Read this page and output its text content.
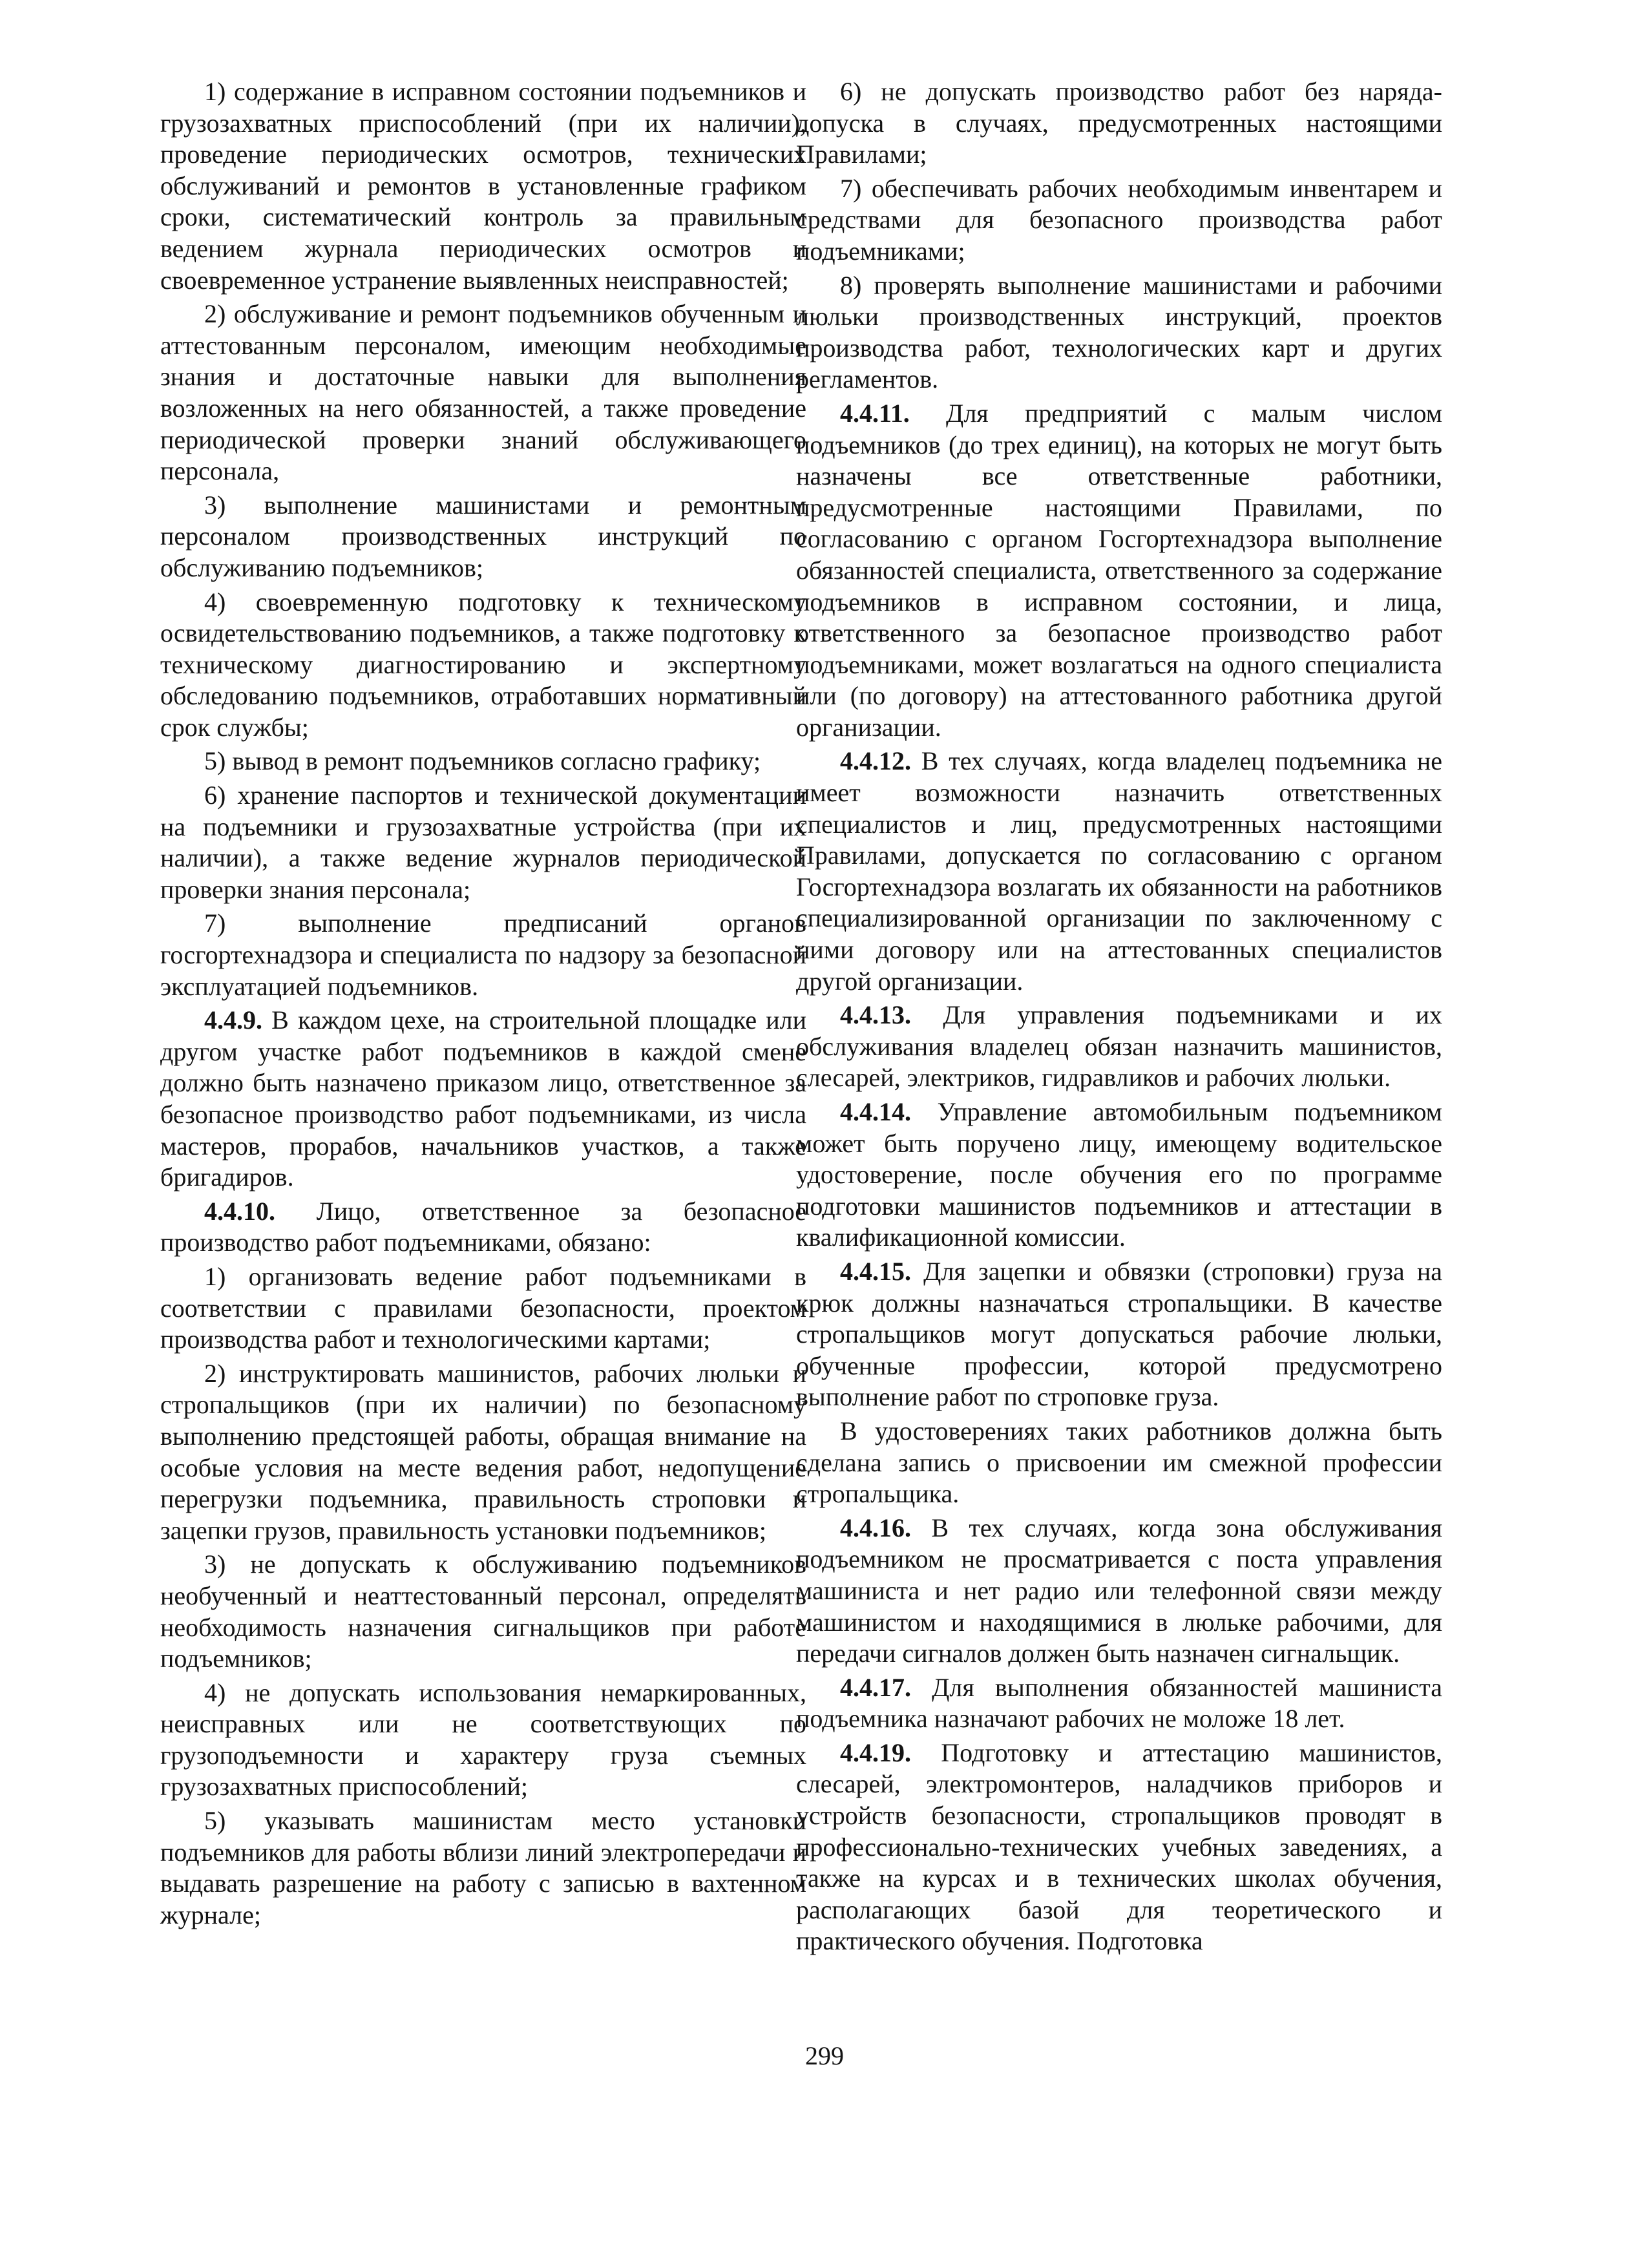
1) содержание в исправном состоянии подъемников и грузозахватных приспособлений (при их наличии), проведение периодических осмотров, технических обслуживаний и ремонтов в установленные графиком сроки, систематический контроль за правильным ведением журнала периодических осмотров и своевременное устранение выявленных неисправностей;

2) обслуживание и ремонт подъемников обученным и аттестованным персоналом, имеющим необходимые знания и достаточные навыки для выполнения возложенных на него обязанностей, а также проведение периодической проверки знаний обслуживающего персонала,

3) выполнение машинистами и ремонтным персоналом производственных инструкций по обслуживанию подъемников;

4) своевременную подготовку к техническому освидетельствованию подъемников, а также подготовку к техническому диагностированию и экспертному обследованию подъемников, отработавших нормативный срок службы;

5) вывод в ремонт подъемников согласно графику;

6) хранение паспортов и технической документации на подъемники и грузозахватные устройства (при их наличии), а также ведение журналов периодической проверки знания персонала;

7) выполнение предписаний органов госгортехнадзора и специалиста по надзору за безопасной эксплуатацией подъемников.

4.4.9. В каждом цехе, на строительной площадке или другом участке работ подъемников в каждой смене должно быть назначено приказом лицо, ответственное за безопасное производство работ подъемниками, из числа мастеров, прорабов, начальников участков, а также бригадиров.

4.4.10. Лицо, ответственное за безопасное производство работ подъемниками, обязано:

1) организовать ведение работ подъемниками в соответствии с правилами безопасности, проектом производства работ и технологическими картами;

2) инструктировать машинистов, рабочих люльки и стропальщиков (при их наличии) по безопасному выполнению предстоящей работы, обращая внимание на особые условия на месте ведения работ, недопущение перегрузки подъемника, правильность строповки и зацепки грузов, правильность установки подъемников;

3) не допускать к обслуживанию подъемников необученный и неаттестованный персонал, определять необходимость назначения сигнальщиков при работе подъемников;

4) не допускать использования немаркированных, неисправных или не соответствующих по грузоподъемности и характеру груза съемных грузозахватных приспособлений;

5) указывать машинистам место установки подъемников для работы вблизи линий электропередачи и выдавать разрешение на работу с записью в вахтенном журнале;

6) не допускать производство работ без наряда-допуска в случаях, предусмотренных настоящими Правилами;

7) обеспечивать рабочих необходимым инвентарем и средствами для безопасного производства работ подъемниками;

8) проверять выполнение машинистами и рабочими люльки производственных инструкций, проектов производства работ, технологических карт и других регламентов.

4.4.11. Для предприятий с малым числом подъемников (до трех единиц), на которых не могут быть назначены все ответственные работники, предусмотренные настоящими Правилами, по согласованию с органом Госгортехнадзора выполнение обязанностей специалиста, ответственного за содержание подъемников в исправном состоянии, и лица, ответственного за безопасное производство работ подъемниками, может возлагаться на одного специалиста или (по договору) на аттестованного работника другой организации.

4.4.12. В тех случаях, когда владелец подъемника не имеет возможности назначить ответственных специалистов и лиц, предусмотренных настоящими Правилами, допускается по согласованию с органом Госгортехнадзора возлагать их обязанности на работников специализированной организации по заключенному с ними договору или на аттестованных специалистов другой организации.

4.4.13. Для управления подъемниками и их обслуживания владелец обязан назначить машинистов, слесарей, электриков, гидравликов и рабочих люльки.

4.4.14. Управление автомобильным подъемником может быть поручено лицу, имеющему водительское удостоверение, после обучения его по программе подготовки машинистов подъемников и аттестации в квалификационной комиссии.

4.4.15. Для зацепки и обвязки (строповки) груза на крюк должны назначаться стропальщики. В качестве стропальщиков могут допускаться рабочие люльки, обученные профессии, которой предусмотрено выполнение работ по строповке груза.

В удостоверениях таких работников должна быть сделана запись о присвоении им смежной профессии стропальщика.

4.4.16. В тех случаях, когда зона обслуживания подъемником не просматривается с поста управления машиниста и нет радио или телефонной связи между машинистом и находящимися в люльке рабочими, для передачи сигналов должен быть назначен сигнальщик.

4.4.17. Для выполнения обязанностей машиниста подъемника назначают рабочих не моложе 18 лет.

4.4.19. Подготовку и аттестацию машинистов, слесарей, электромонтеров, наладчиков приборов и устройств безопасности, стропальщиков проводят в профессионально-технических учебных заведениях, а также на курсах и в технических школах обучения, располагающих базой для теоретического и практического обучения. Подготовка

299
